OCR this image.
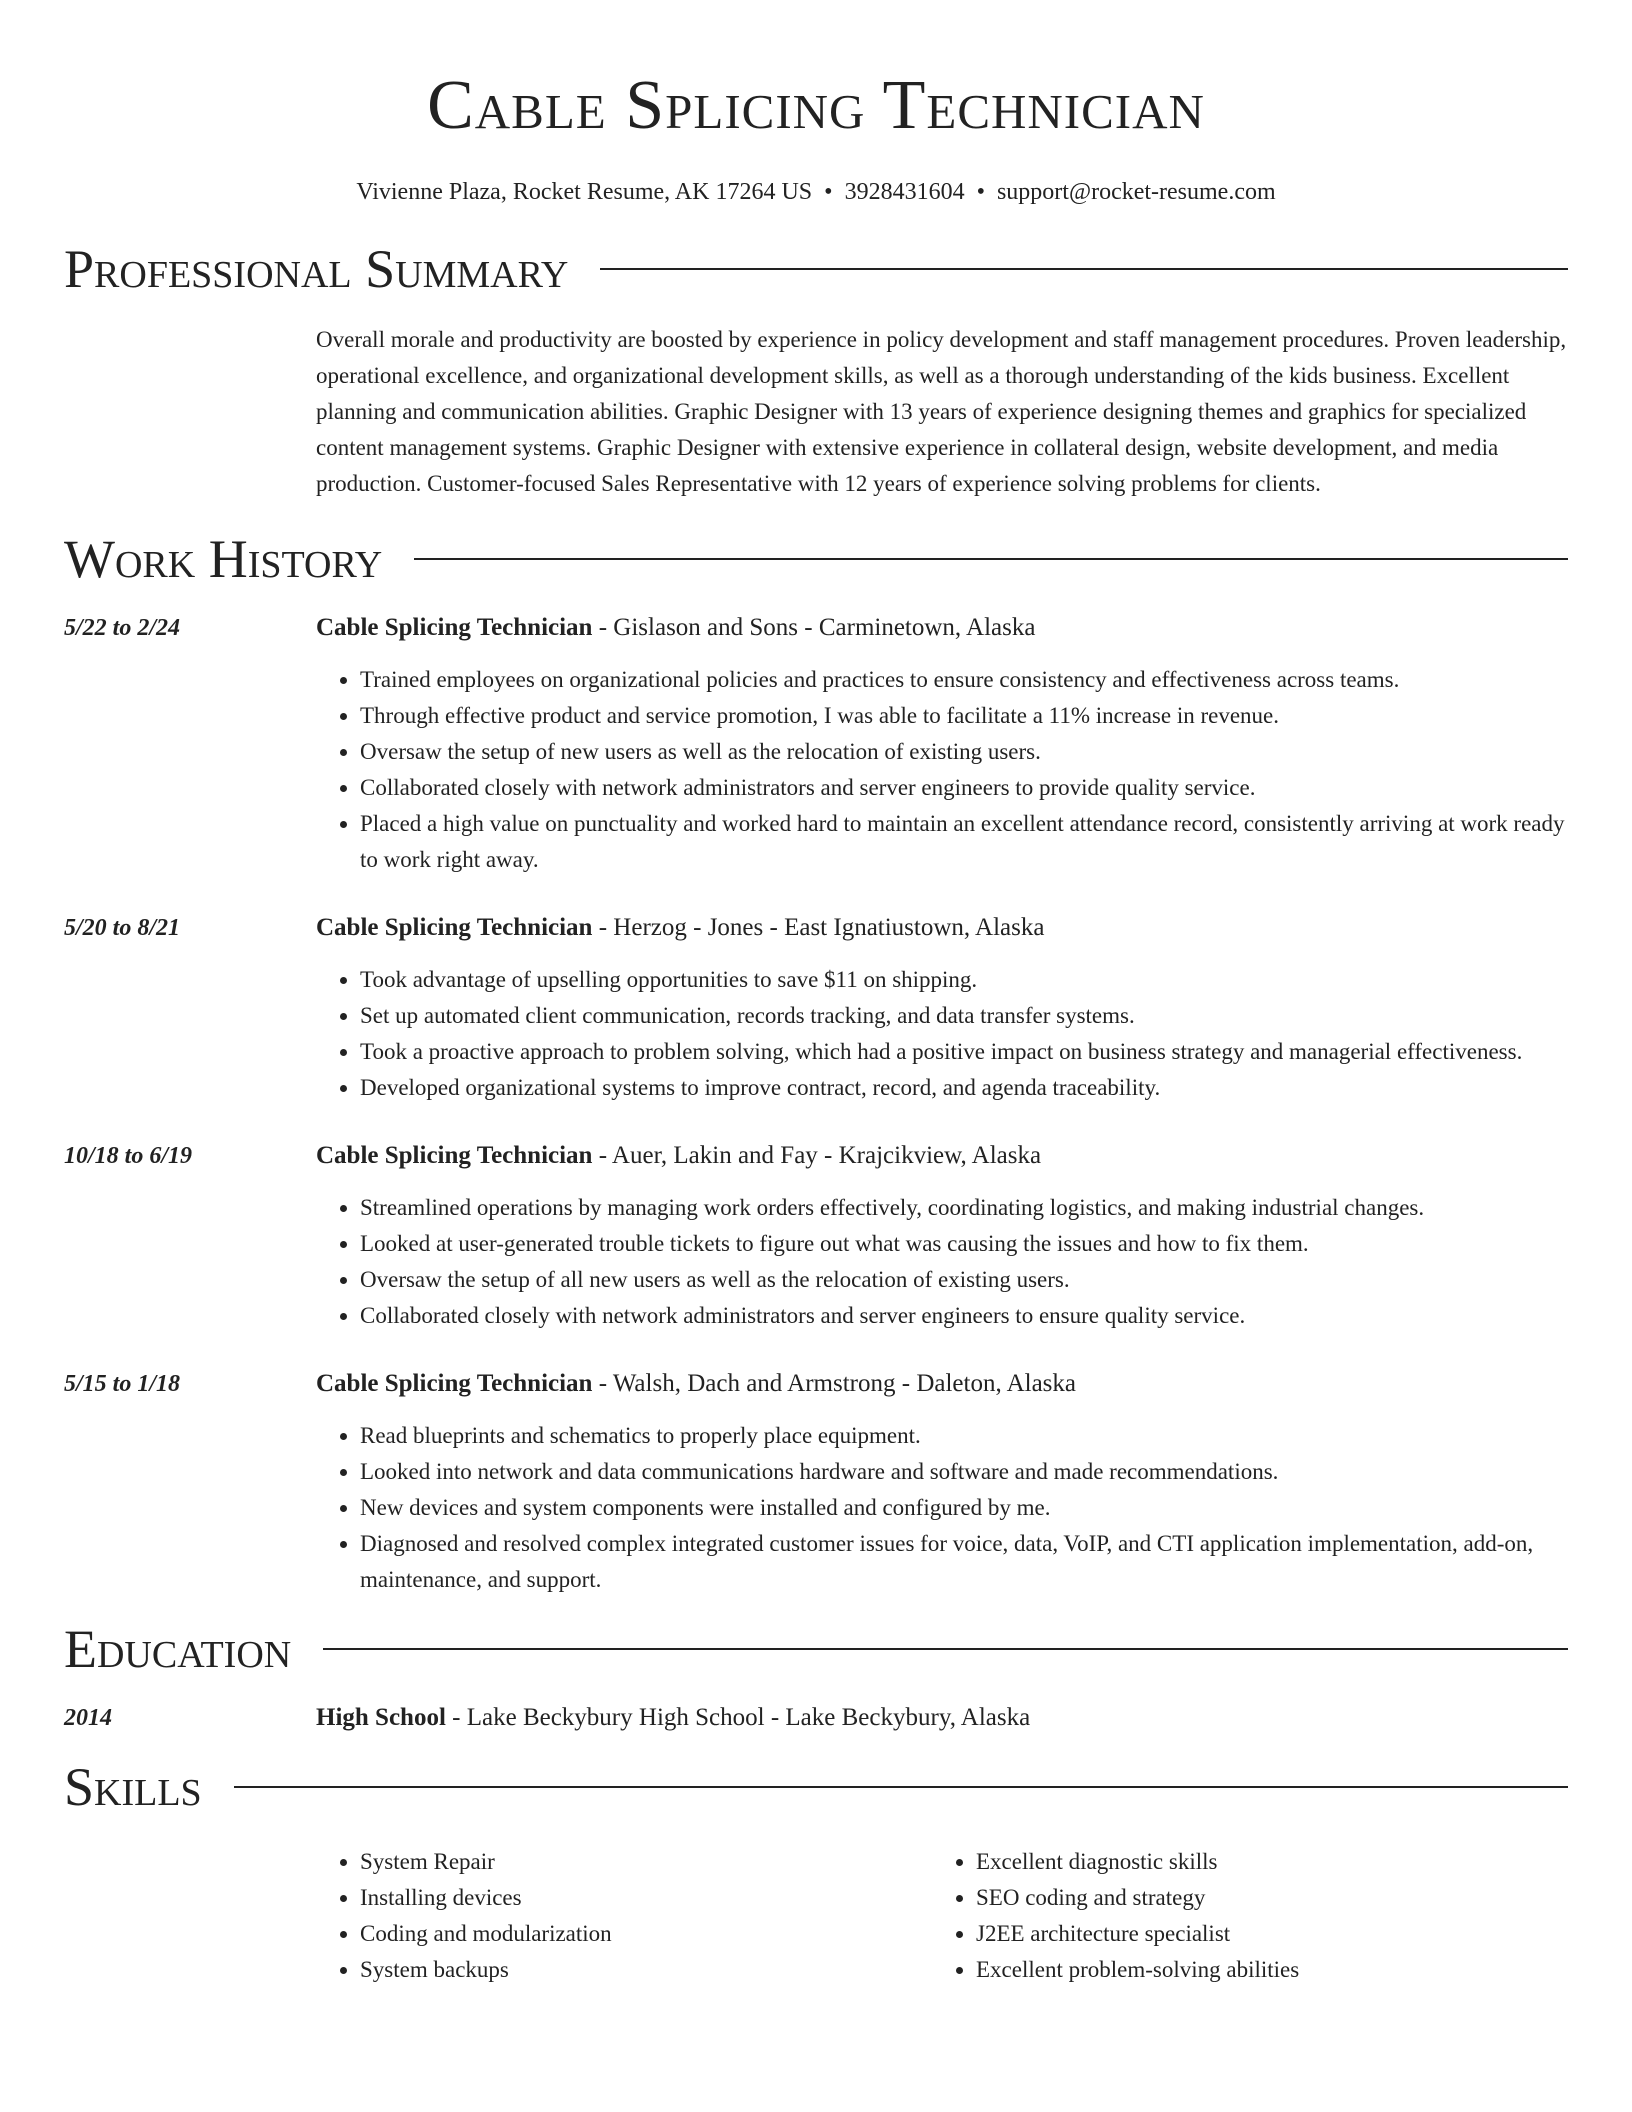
Cable Splicing Technician
Vivienne Plaza, Rocket Resume, AK 17264 US • 3928431604 • support@rocket-resume.com
Professional Summary
Overall morale and productivity are boosted by experience in policy development and staff management procedures. Proven leadership, operational excellence, and organizational development skills, as well as a thorough understanding of the kids business. Excellent planning and communication abilities. Graphic Designer with 13 years of experience designing themes and graphics for specialized content management systems. Graphic Designer with extensive experience in collateral design, website development, and media production. Customer-focused Sales Representative with 12 years of experience solving problems for clients.
Work History
5/22 to 2/24	Cable Splicing Technician - Gislason and Sons - Carminetown, Alaska
• Trained employees on organizational policies and practices to ensure consistency and effectiveness across teams.
• Through effective product and service promotion, I was able to facilitate a 11% increase in revenue.
• Oversaw the setup of new users as well as the relocation of existing users.
• Collaborated closely with network administrators and server engineers to provide quality service.
• Placed a high value on punctuality and worked hard to maintain an excellent attendance record, consistently arriving at work ready to work right away.
5/20 to 8/21	Cable Splicing Technician - Herzog - Jones - East Ignatiustown, Alaska
• Took advantage of upselling opportunities to save $11 on shipping.
• Set up automated client communication, records tracking, and data transfer systems.
• Took a proactive approach to problem solving, which had a positive impact on business strategy and managerial effectiveness.
• Developed organizational systems to improve contract, record, and agenda traceability.
10/18 to 6/19	Cable Splicing Technician - Auer, Lakin and Fay - Krajcikview, Alaska
• Streamlined operations by managing work orders effectively, coordinating logistics, and making industrial changes.
• Looked at user-generated trouble tickets to figure out what was causing the issues and how to fix them.
• Oversaw the setup of all new users as well as the relocation of existing users.
• Collaborated closely with network administrators and server engineers to ensure quality service.
5/15 to 1/18	Cable Splicing Technician - Walsh, Dach and Armstrong - Daleton, Alaska
• Read blueprints and schematics to properly place equipment.
• Looked into network and data communications hardware and software and made recommendations.
• New devices and system components were installed and configured by me.
• Diagnosed and resolved complex integrated customer issues for voice, data, VoIP, and CTI application implementation, add-on, maintenance, and support.
Education
2014	High School - Lake Beckybury High School - Lake Beckybury, Alaska
Skills
• System Repair
• Installing devices
• Coding and modularization
• System backups
• Excellent diagnostic skills
• SEO coding and strategy
• J2EE architecture specialist
• Excellent problem-solving abilities
